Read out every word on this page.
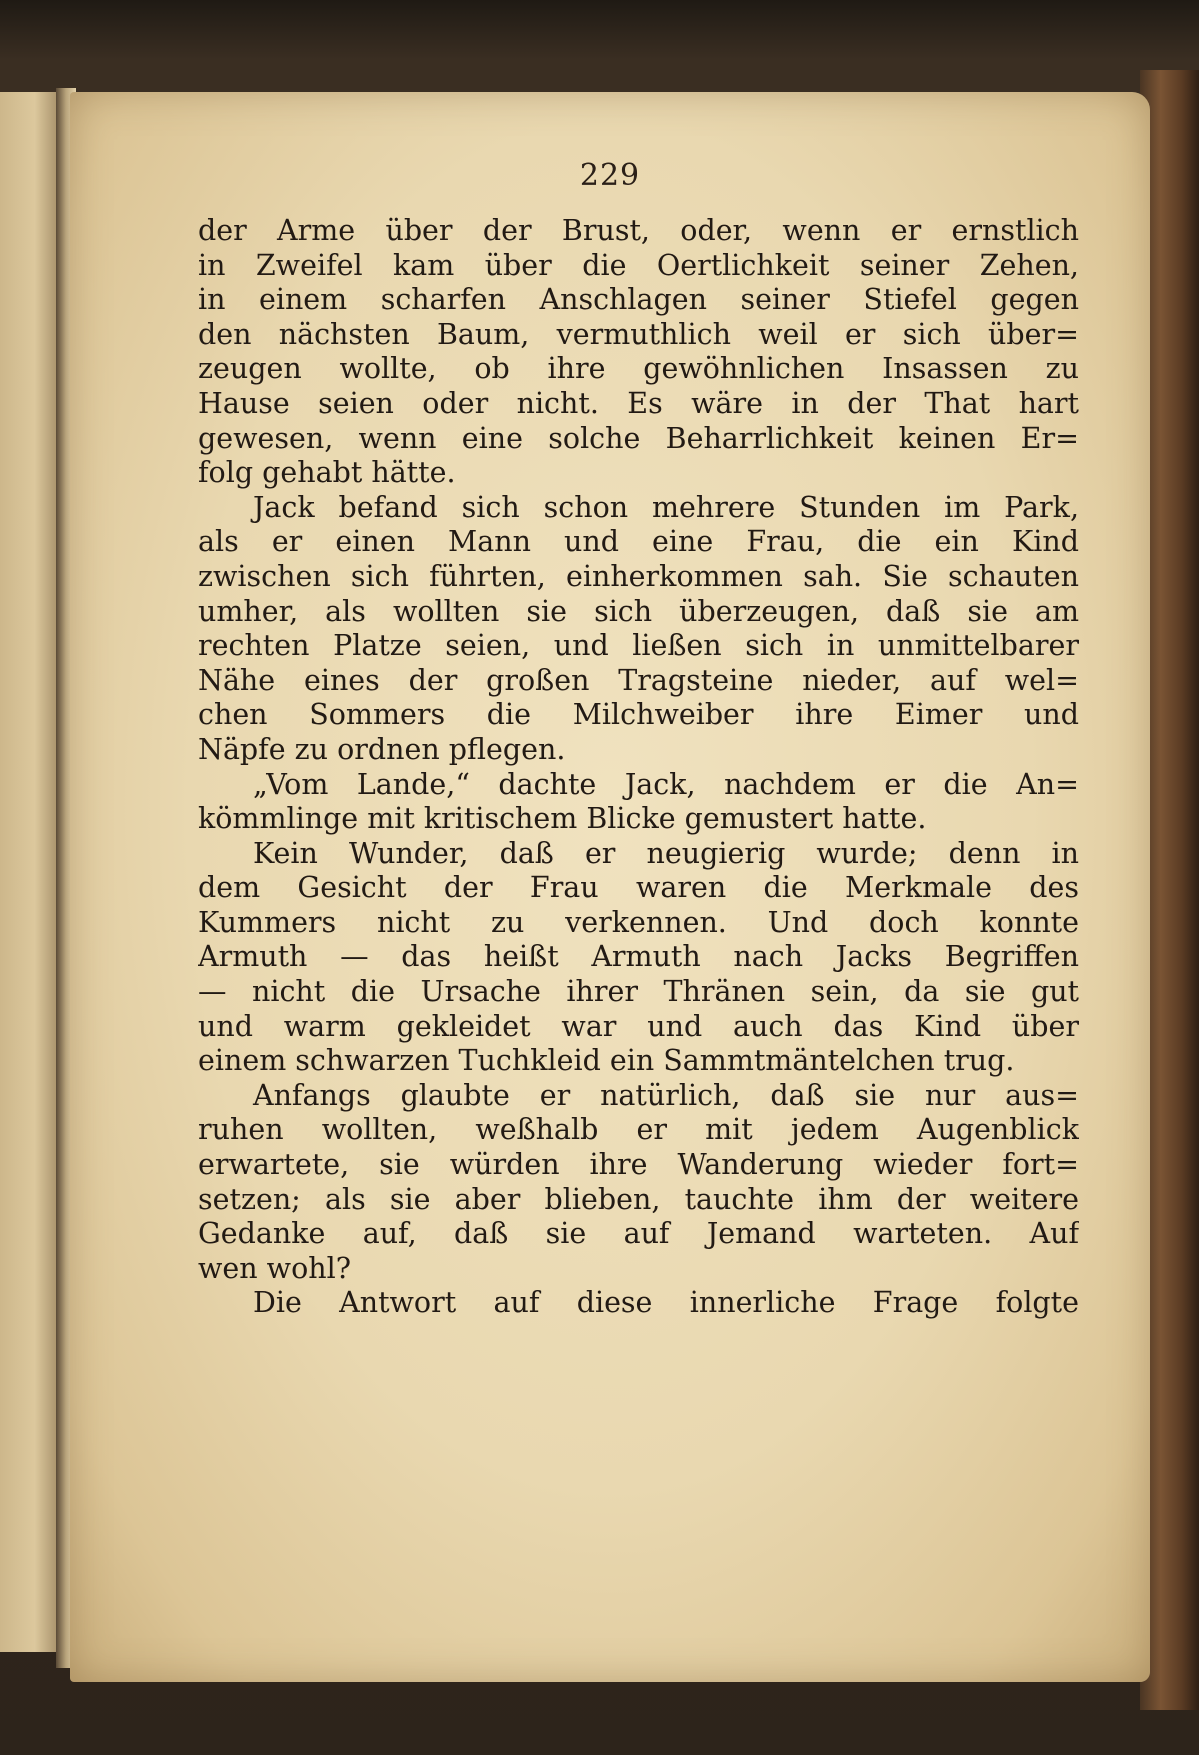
229
der Arme über der Brust, oder, wenn er ernstlich
in Zweifel kam über die Oertlichkeit seiner Zehen,
in einem scharfen Anschlagen seiner Stiefel gegen
den nächsten Baum, vermuthlich weil er sich über=
zeugen wollte, ob ihre gewöhnlichen Insassen zu
Hause seien oder nicht. Es wäre in der That hart
gewesen, wenn eine solche Beharrlichkeit keinen Er=
folg gehabt hätte.
Jack befand sich schon mehrere Stunden im Park,
als er einen Mann und eine Frau, die ein Kind
zwischen sich führten, einherkommen sah. Sie schauten
umher, als wollten sie sich überzeugen, daß sie am
rechten Platze seien, und ließen sich in unmittelbarer
Nähe eines der großen Tragsteine nieder, auf wel=
chen Sommers die Milchweiber ihre Eimer und
Näpfe zu ordnen pflegen.
„Vom Lande,“ dachte Jack, nachdem er die An=
kömmlinge mit kritischem Blicke gemustert hatte.
Kein Wunder, daß er neugierig wurde; denn in
dem Gesicht der Frau waren die Merkmale des
Kummers nicht zu verkennen. Und doch konnte
Armuth — das heißt Armuth nach Jacks Begriffen
— nicht die Ursache ihrer Thränen sein, da sie gut
und warm gekleidet war und auch das Kind über
einem schwarzen Tuchkleid ein Sammtmäntelchen trug.
Anfangs glaubte er natürlich, daß sie nur aus=
ruhen wollten, weßhalb er mit jedem Augenblick
erwartete, sie würden ihre Wanderung wieder fort=
setzen; als sie aber blieben, tauchte ihm der weitere
Gedanke auf, daß sie auf Jemand warteten. Auf
wen wohl?
Die Antwort auf diese innerliche Frage folgte
